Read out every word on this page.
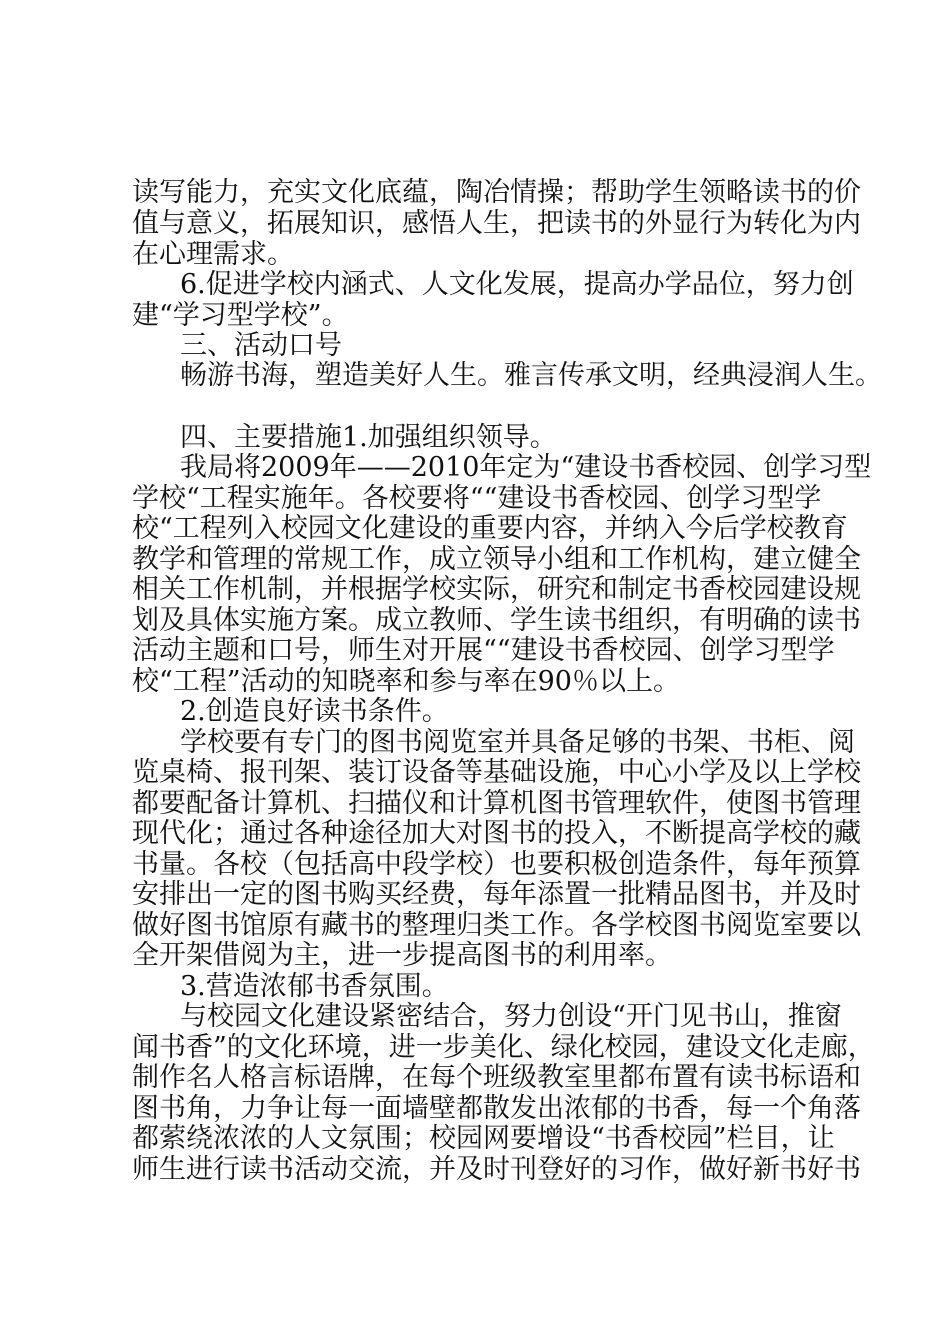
读写能力，充实文化底蕴，陶冶情操；帮助学生领略读书的价
值与意义，拓展知识，感悟人生，把读书的外显行为转化为内
在心理需求。
6.促进学校内涵式、人文化发展，提高办学品位，努力创
建“学习型学校”。
三、活动口号
畅游书海，塑造美好人生。雅言传承文明，经典浸润人生。
四、主要措施1.加强组织领导。
我局将2009年——2010年定为“建设书香校园、创学习型
学校“工程实施年。各校要将““建设书香校园、创学习型学
校“工程列入校园文化建设的重要内容，并纳入今后学校教育
教学和管理的常规工作，成立领导小组和工作机构，建立健全
相关工作机制，并根据学校实际，研究和制定书香校园建设规
划及具体实施方案。成立教师、学生读书组织，有明确的读书
活动主题和口号，师生对开展““建设书香校园、创学习型学
校“工程”活动的知晓率和参与率在90％以上。
2.创造良好读书条件。
学校要有专门的图书阅览室并具备足够的书架、书柜、阅
览桌椅、报刊架、装订设备等基础设施，中心小学及以上学校
都要配备计算机、扫描仪和计算机图书管理软件，使图书管理
现代化；通过各种途径加大对图书的投入，不断提高学校的藏
书量。各校（包括高中段学校）也要积极创造条件，每年预算
安排出一定的图书购买经费，每年添置一批精品图书，并及时
做好图书馆原有藏书的整理归类工作。各学校图书阅览室要以
全开架借阅为主，进一步提高图书的利用率。
3.营造浓郁书香氛围。
与校园文化建设紧密结合，努力创设“开门见书山，推窗
闻书香”的文化环境，进一步美化、绿化校园，建设文化走廊，
制作名人格言标语牌，在每个班级教室里都布置有读书标语和
图书角，力争让每一面墙壁都散发出浓郁的书香，每一个角落
都萦绕浓浓的人文氛围；校园网要增设“书香校园”栏目，让
师生进行读书活动交流，并及时刊登好的习作，做好新书好书
